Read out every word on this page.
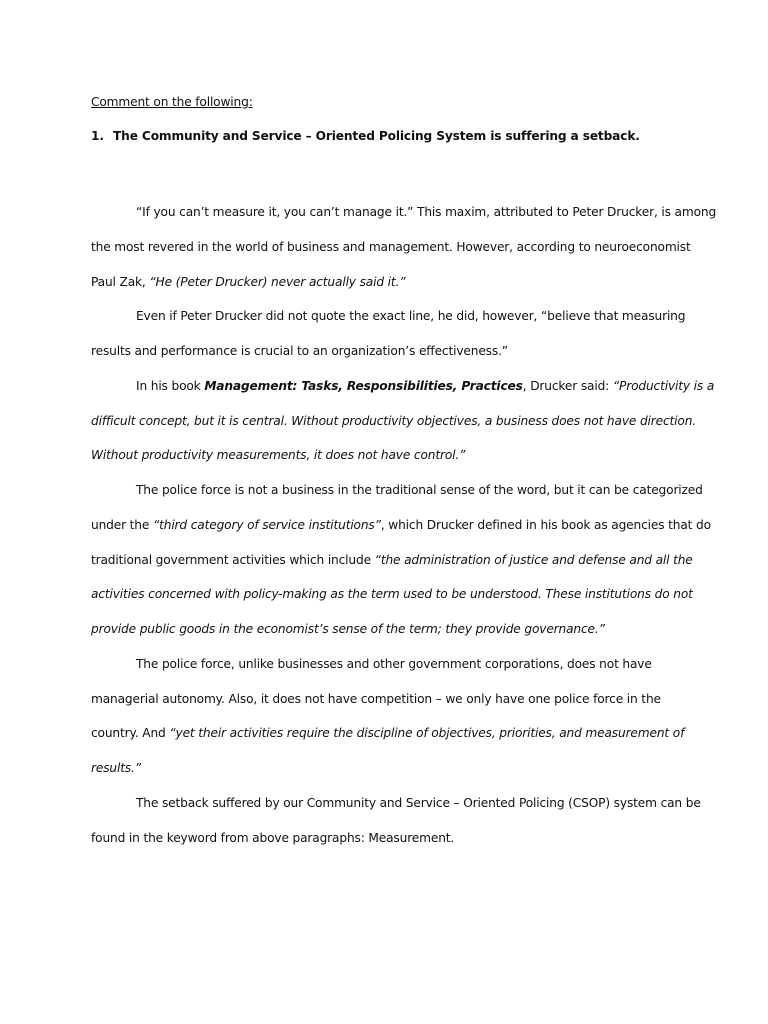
Comment on the following:
1. The Community and Service – Oriented Policing System is suffering a setback.
“If you can’t measure it, you can’t manage it.” This maxim, attributed to Peter Drucker, is among
the most revered in the world of business and management. However, according to neuroeconomist
Paul Zak, “He (Peter Drucker) never actually said it.”
Even if Peter Drucker did not quote the exact line, he did, however, “believe that measuring
results and performance is crucial to an organization’s effectiveness.”
In his book Management: Tasks, Responsibilities, Practices, Drucker said: “Productivity is a
difficult concept, but it is central. Without productivity objectives, a business does not have direction.
Without productivity measurements, it does not have control.”
The police force is not a business in the traditional sense of the word, but it can be categorized
under the “third category of service institutions”, which Drucker defined in his book as agencies that do
traditional government activities which include “the administration of justice and defense and all the
activities concerned with policy-making as the term used to be understood. These institutions do not
provide public goods in the economist’s sense of the term; they provide governance.”
The police force, unlike businesses and other government corporations, does not have
managerial autonomy. Also, it does not have competition – we only have one police force in the
country. And “yet their activities require the discipline of objectives, priorities, and measurement of
results.”
The setback suffered by our Community and Service – Oriented Policing (CSOP) system can be
found in the keyword from above paragraphs: Measurement.
